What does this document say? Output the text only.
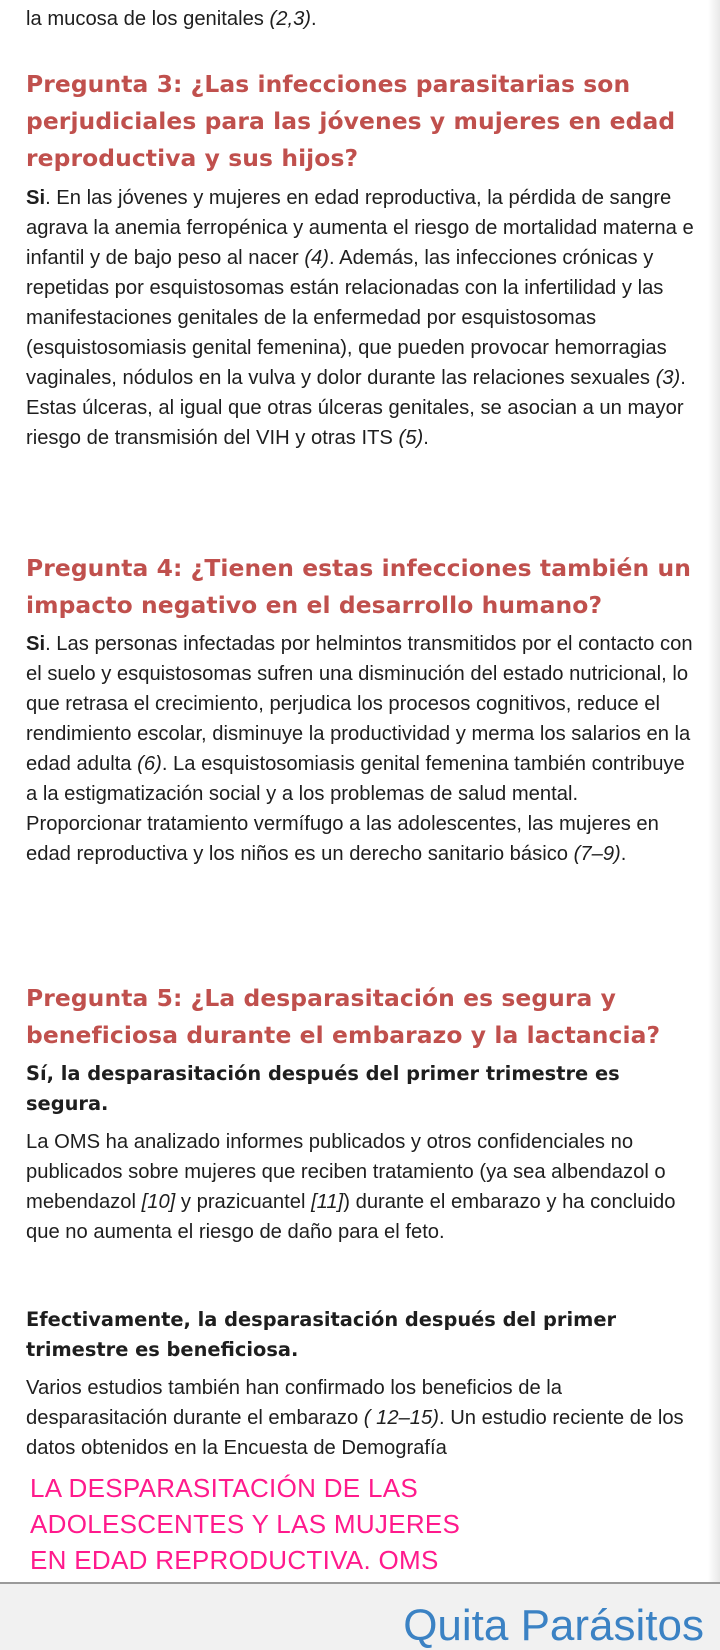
la mucosa de los genitales (2,3).

Pregunta 3: ¿Las infecciones parasitarias son perjudiciales para las jóvenes y mujeres en edad reproductiva y sus hijos?

Si. En las jóvenes y mujeres en edad reproductiva, la pérdida de sangre agrava la anemia ferropénica y aumenta el riesgo de mortalidad materna e infantil y de bajo peso al nacer (4). Además, las infecciones crónicas y repetidas por esquistosomas están relacionadas con la infertilidad y las manifestaciones genitales de la enfermedad por esquistosomas (esquistosomiasis genital femenina), que pueden provocar hemorragias vaginales, nódulos en la vulva y dolor durante las relaciones sexuales (3). Estas úlceras, al igual que otras úlceras genitales, se asocian a un mayor riesgo de transmisión del VIH y otras ITS (5).

Pregunta 4: ¿Tienen estas infecciones también un impacto negativo en el desarrollo humano?

Si. Las personas infectadas por helmintos transmitidos por el contacto con el suelo y esquistosomas sufren una disminución del estado nutricional, lo que retrasa el crecimiento, perjudica los procesos cognitivos, reduce el rendimiento escolar, disminuye la productividad y merma los salarios en la edad adulta (6). La esquistosomiasis genital femenina también contribuye a la estigmatización social y a los problemas de salud mental. Proporcionar tratamiento vermífugo a las adolescentes, las mujeres en edad reproductiva y los niños es un derecho sanitario básico (7–9).

Pregunta 5: ¿La desparasitación es segura y beneficiosa durante el embarazo y la lactancia?

Sí, la desparasitación después del primer trimestre es segura.

La OMS ha analizado informes publicados y otros confidenciales no publicados sobre mujeres que reciben tratamiento (ya sea albendazol o mebendazol [10] y prazicuantel [11]) durante el embarazo y ha concluido que no aumenta el riesgo de daño para el feto.

Efectivamente, la desparasitación después del primer trimestre es beneficiosa.

Varios estudios también han confirmado los beneficios de la desparasitación durante el embarazo ( 12–15). Un estudio reciente de los datos obtenidos en la Encuesta de Demografía

LA DESPARASITACIÓN DE LAS
ADOLESCENTES Y LAS MUJERES
EN EDAD REPRODUCTIVA. OMS
Quita Parásitos
